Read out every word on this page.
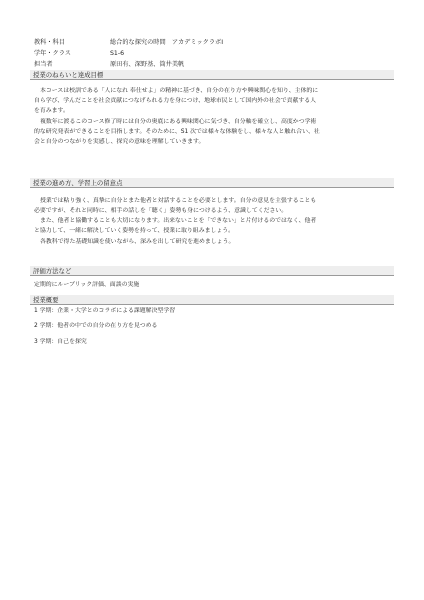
教科・科目	総合的な探究の時間　アカデミックラボⅠ
学年・クラス	S1-6
担当者	原田有、深野基、筒井美帆
授業のねらいと達成目標
本コースは校訓である「人になれ 奉仕せよ」の精神に基づき、自分の在り方や興味関心を知り、主体的に
自ら学び、学んだことを社会貢献につなげられる力を身につけ、地球市民として国内外の社会で貢献する人
を育みます。
複数年に渡るこのコース修了時には自分の奥底にある興味関心に気づき、自分軸を確立し、高度かつ学術
的な研究発表ができることを目指します。そのために、S1 次では様々な体験をし、様々な人と触れ合い、社
会と自分のつながりを実感し、探究の意味を理解していきます。
授業の進め方、学習上の留意点
授業では粘り強く、真摯に自分とまた他者と対話することを必要とします。自分の意見を主張することも
必要ですが、それと同時に、相手の話しを「聴く」姿勢も身につけるよう、意識してください。
また、他者と協働することも大切になります。出来ないことを「できない」と片付けるのではなく、他者
と協力して、一緒に解決していく姿勢を持って、授業に取り組みましょう。
各教科で得た基礎知識を使いながら、深みを出して研究を進めましょう。
評価方法など
定期的にルーブリック評価、面談の実施
授業概要
1 学期：企業・大学とのコラボによる課題解決型学習
2 学期：他者の中での自分の在り方を見つめる
3 学期：自己を探究
